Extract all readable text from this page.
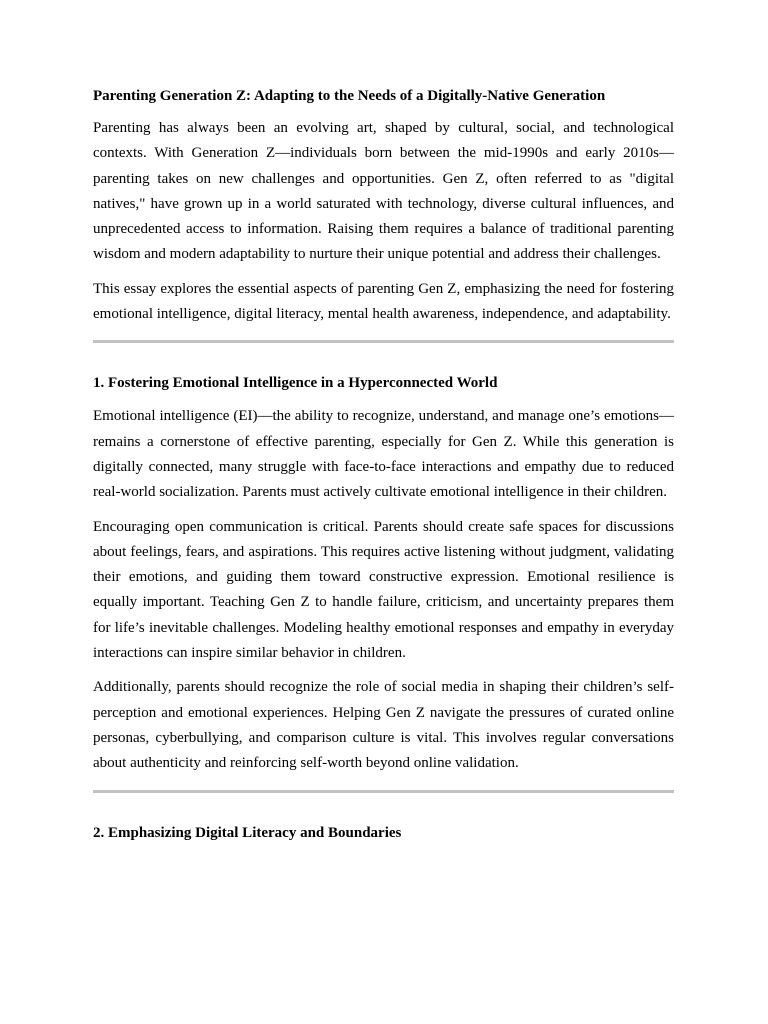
Parenting Generation Z: Adapting to the Needs of a Digitally-Native Generation

Parenting has always been an evolving art, shaped by cultural, social, and technological contexts. With Generation Z—individuals born between the mid-1990s and early 2010s—parenting takes on new challenges and opportunities. Gen Z, often referred to as "digital natives," have grown up in a world saturated with technology, diverse cultural influences, and unprecedented access to information. Raising them requires a balance of traditional parenting wisdom and modern adaptability to nurture their unique potential and address their challenges.

This essay explores the essential aspects of parenting Gen Z, emphasizing the need for fostering emotional intelligence, digital literacy, mental health awareness, independence, and adaptability.

1. Fostering Emotional Intelligence in a Hyperconnected World

Emotional intelligence (EI)—the ability to recognize, understand, and manage one’s emotions—remains a cornerstone of effective parenting, especially for Gen Z. While this generation is digitally connected, many struggle with face-to-face interactions and empathy due to reduced real-world socialization. Parents must actively cultivate emotional intelligence in their children.

Encouraging open communication is critical. Parents should create safe spaces for discussions about feelings, fears, and aspirations. This requires active listening without judgment, validating their emotions, and guiding them toward constructive expression. Emotional resilience is equally important. Teaching Gen Z to handle failure, criticism, and uncertainty prepares them for life’s inevitable challenges. Modeling healthy emotional responses and empathy in everyday interactions can inspire similar behavior in children.

Additionally, parents should recognize the role of social media in shaping their children’s self-perception and emotional experiences. Helping Gen Z navigate the pressures of curated online personas, cyberbullying, and comparison culture is vital. This involves regular conversations about authenticity and reinforcing self-worth beyond online validation.

2. Emphasizing Digital Literacy and Boundaries
